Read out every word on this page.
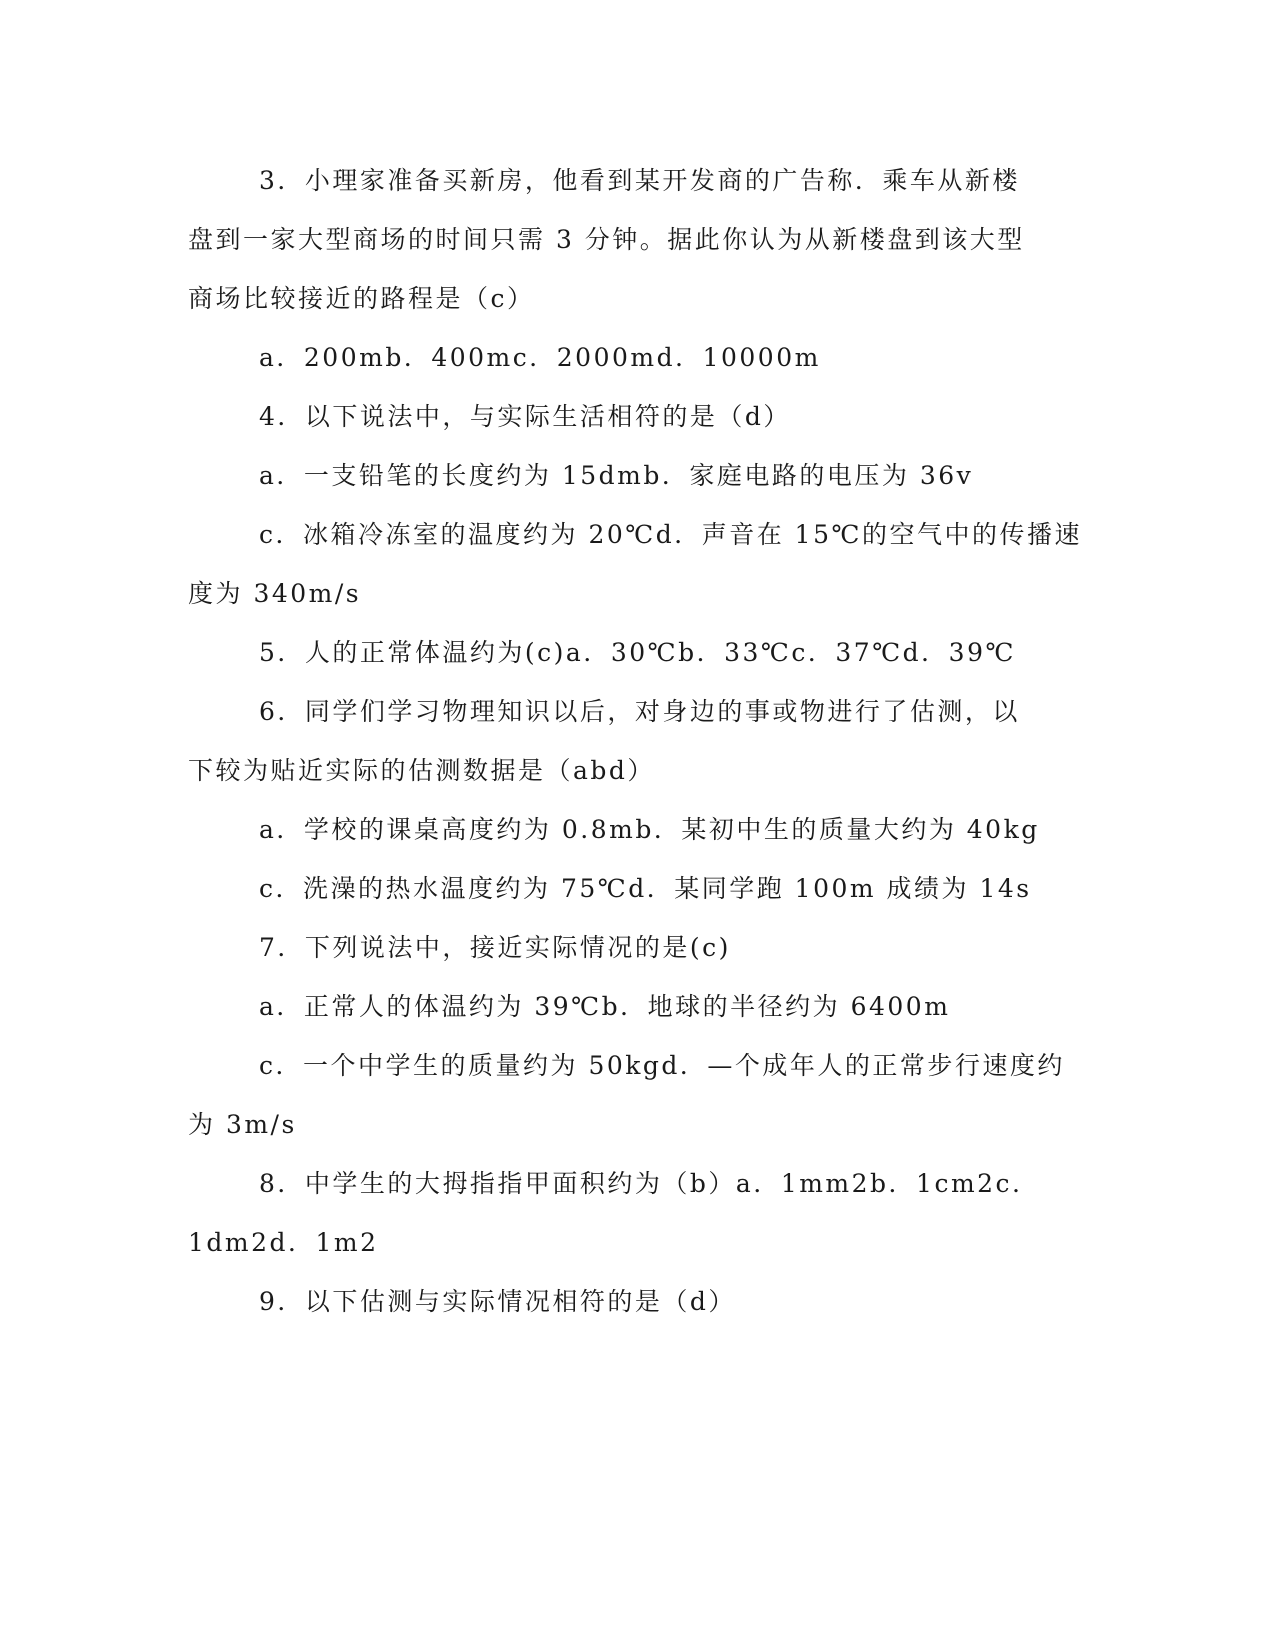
3．小理家准备买新房，他看到某开发商的广告称．乘车从新楼
盘到一家大型商场的时间只需 3 分钟。据此你认为从新楼盘到该大型
商场比较接近的路程是（c）
a．200mb．400mc．2000md．10000m
4．以下说法中，与实际生活相符的是（d）
a．一支铅笔的长度约为 15dmb．家庭电路的电压为 36v
c．冰箱冷冻室的温度约为 20℃d．声音在 15℃的空气中的传播速
度为 340m/s
5．人的正常体温约为(c)a．30℃b．33℃c．37℃d．39℃
6．同学们学习物理知识以后，对身边的事或物进行了估测，以
下较为贴近实际的估测数据是（abd）
a．学校的课桌高度约为 0.8mb．某初中生的质量大约为 40kg
c．洗澡的热水温度约为 75℃d．某同学跑 100m 成绩为 14s
7．下列说法中，接近实际情况的是(c)
a．正常人的体温约为 39℃b．地球的半径约为 6400m
c．一个中学生的质量约为 50kgd．—个成年人的正常步行速度约
为 3m/s
8．中学生的大拇指指甲面积约为（b）a．1mm2b．1cm2c．
1dm2d．1m2
9．以下估测与实际情况相符的是（d）
